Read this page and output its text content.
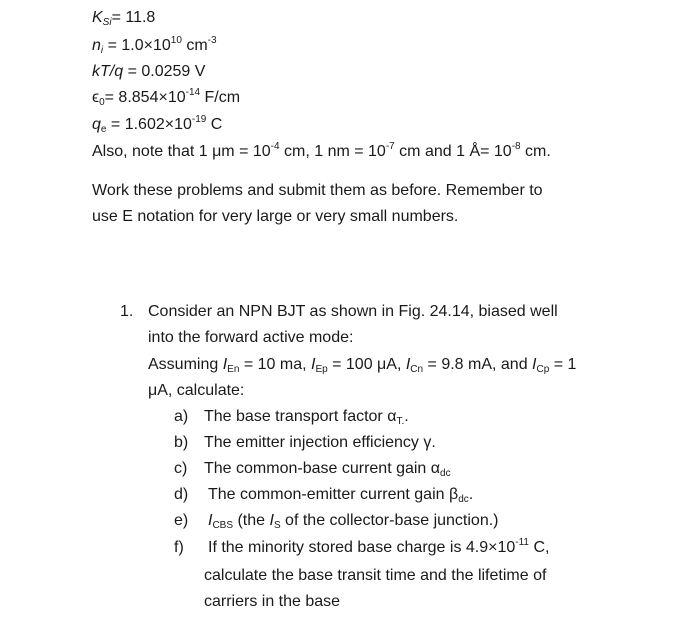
$K_{Si}= 11.8$
$n_i = 1.0\times 10^{10}$ $cm^{-3}$
kT/q = 0.0259 V
$\epsilon_0= 8.854\times 10^{-14}$ F/cm
$q_e = 1.602\times 10^{-19}$ C
Also, note that 1 $\mu m = 10^{-4}$ cm, 1 nm = $10^{-7}$ cm and 1 Å= $10^{-8}$ cm.
Work these problems and submit them as before. Remember to
use E notation for very large or very small numbers.
1. Consider an NPN BJT as shown in Fig. 24.14, biased well
into the forward active mode:
Assuming $I_{En} = 10$ ma, $I_{Ep} = 100$ μA, $I_{Cn} = 9.8$ mA, and $I_{Cp} = 1$
μA, calculate:
a) The base transport factor $\alpha_{T.}$.
b) The emitter injection efficiency γ.
c) The common-base current gain $\alpha_{dc}$
d) The common-emitter current gain $\beta_{dc}$.
e) $I_{CBS}$ (the $I_S$ of the collector-base junction.)
f) If the minority stored base charge is $4.9\times 10^{-11}$ C,
calculate the base transit time and the lifetime of
carriers in the base
